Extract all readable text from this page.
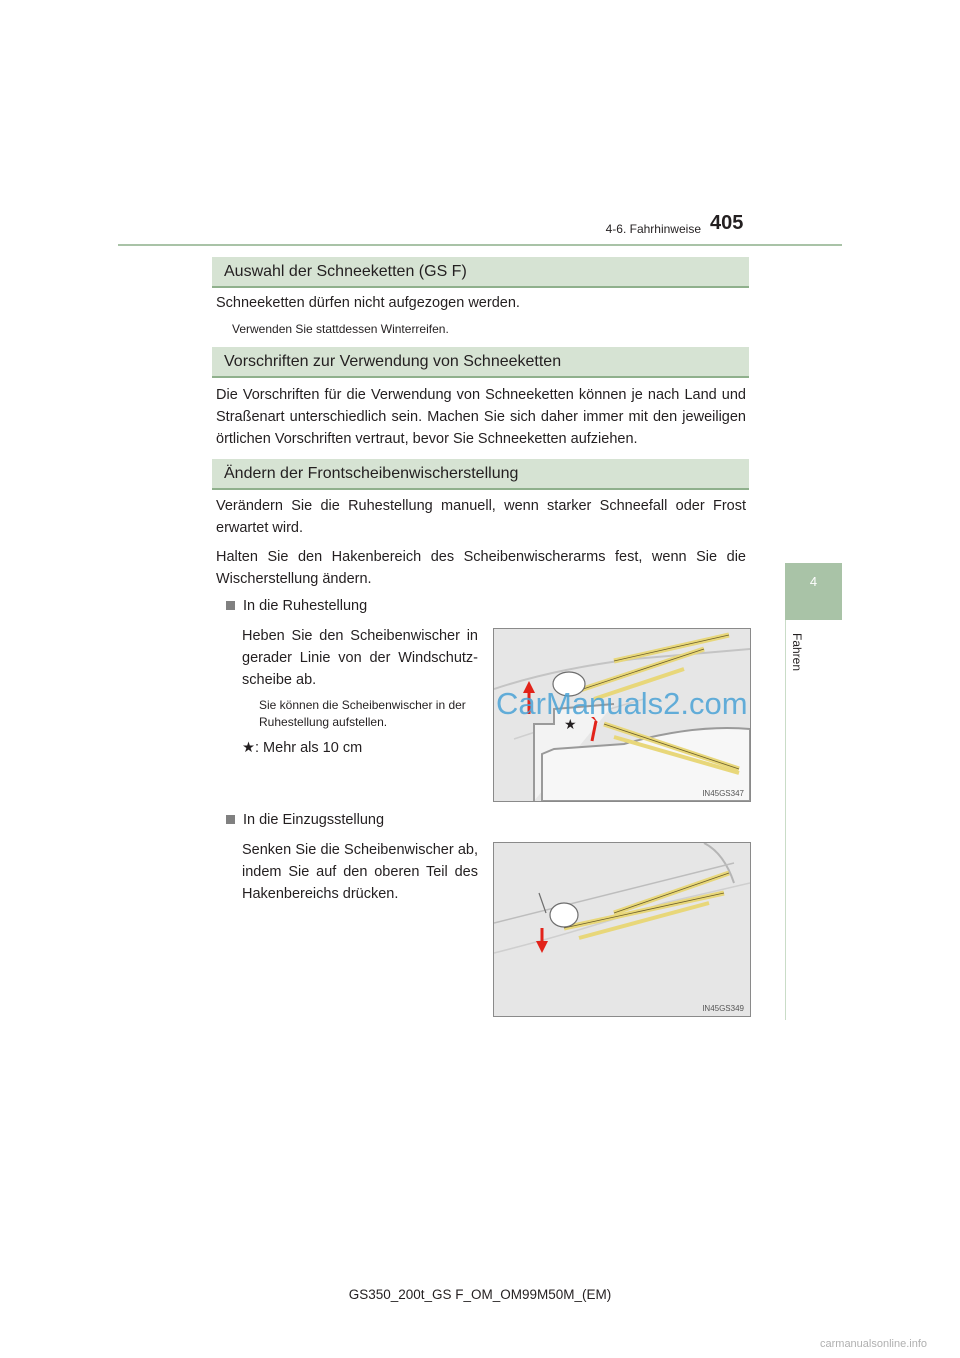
4-6. Fahrhinweise 405
4
Fahren
Auswahl der Schneeketten (GS F)
Schneeketten dürfen nicht aufgezogen werden.
Verwenden Sie stattdessen Winterreifen.
Vorschriften zur Verwendung von Schneeketten
Die Vorschriften für die Verwendung von Schneeketten können je nach Land und Straßenart unterschiedlich sein. Machen Sie sich daher immer mit den jeweiligen örtlichen Vorschriften vertraut, bevor Sie Schneeketten aufziehen.
Ändern der Frontscheibenwischerstellung
Verändern Sie die Ruhestellung manuell, wenn starker Schneefall oder Frost erwartet wird.
Halten Sie den Hakenbereich des Scheibenwischerarms fest, wenn Sie die Wischerstellung ändern.
In die Ruhestellung
Heben Sie den Scheibenwischer in gerader Linie von der Windschutz-scheibe ab.
Sie können die Scheibenwischer in der Ruhestellung aufstellen.
★: Mehr als 10 cm
★
IN45GS347
In die Einzugsstellung
Senken Sie die Scheibenwischer ab, indem Sie auf den oberen Teil des Hakenbereichs drücken.
IN45GS349
CarManuals2.com
GS350_200t_GS F_OM_OM99M50M_(EM)
carmanualsonline.info
